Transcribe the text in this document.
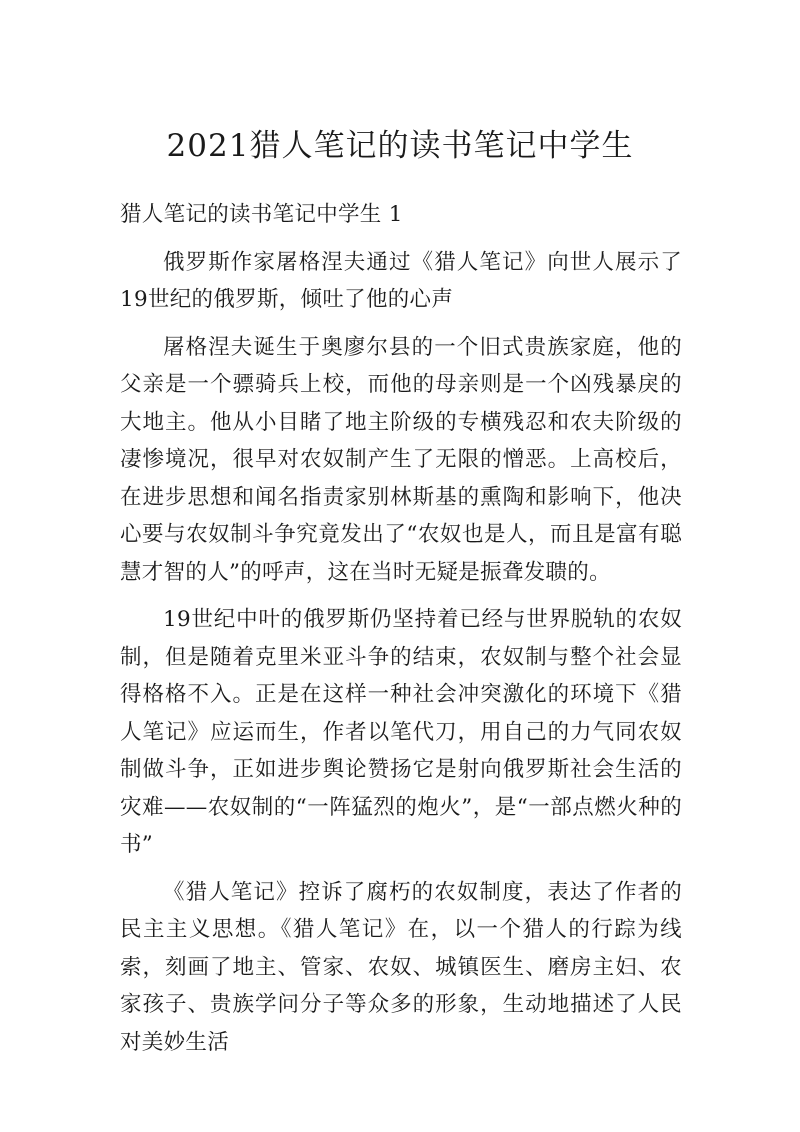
2021猎人笔记的读书笔记中学生

猎人笔记的读书笔记中学生 1

俄罗斯作家屠格涅夫通过《猎人笔记》向世人展示了19世纪的俄罗斯，倾吐了他的心声

屠格涅夫诞生于奥廖尔县的一个旧式贵族家庭，他的父亲是一个骠骑兵上校，而他的母亲则是一个凶残暴戾的大地主。他从小目睹了地主阶级的专横残忍和农夫阶级的凄惨境况，很早对农奴制产生了无限的憎恶。上高校后，在进步思想和闻名指责家别林斯基的熏陶和影响下，他决心要与农奴制斗争究竟发出了“农奴也是人，而且是富有聪慧才智的人”的呼声，这在当时无疑是振聋发聩的。

19世纪中叶的俄罗斯仍坚持着已经与世界脱轨的农奴制，但是随着克里米亚斗争的结束，农奴制与整个社会显得格格不入。正是在这样一种社会冲突激化的环境下《猎人笔记》应运而生，作者以笔代刀，用自己的力气同农奴制做斗争，正如进步舆论赞扬它是射向俄罗斯社会生活的灾难——农奴制的“一阵猛烈的炮火”，是“一部点燃火种的书”

《猎人笔记》控诉了腐朽的农奴制度，表达了作者的民主主义思想。《猎人笔记》在，以一个猎人的行踪为线索，刻画了地主、管家、农奴、城镇医生、磨房主妇、农家孩子、贵族学问分子等众多的形象，生动地描述了人民对美妙生活
